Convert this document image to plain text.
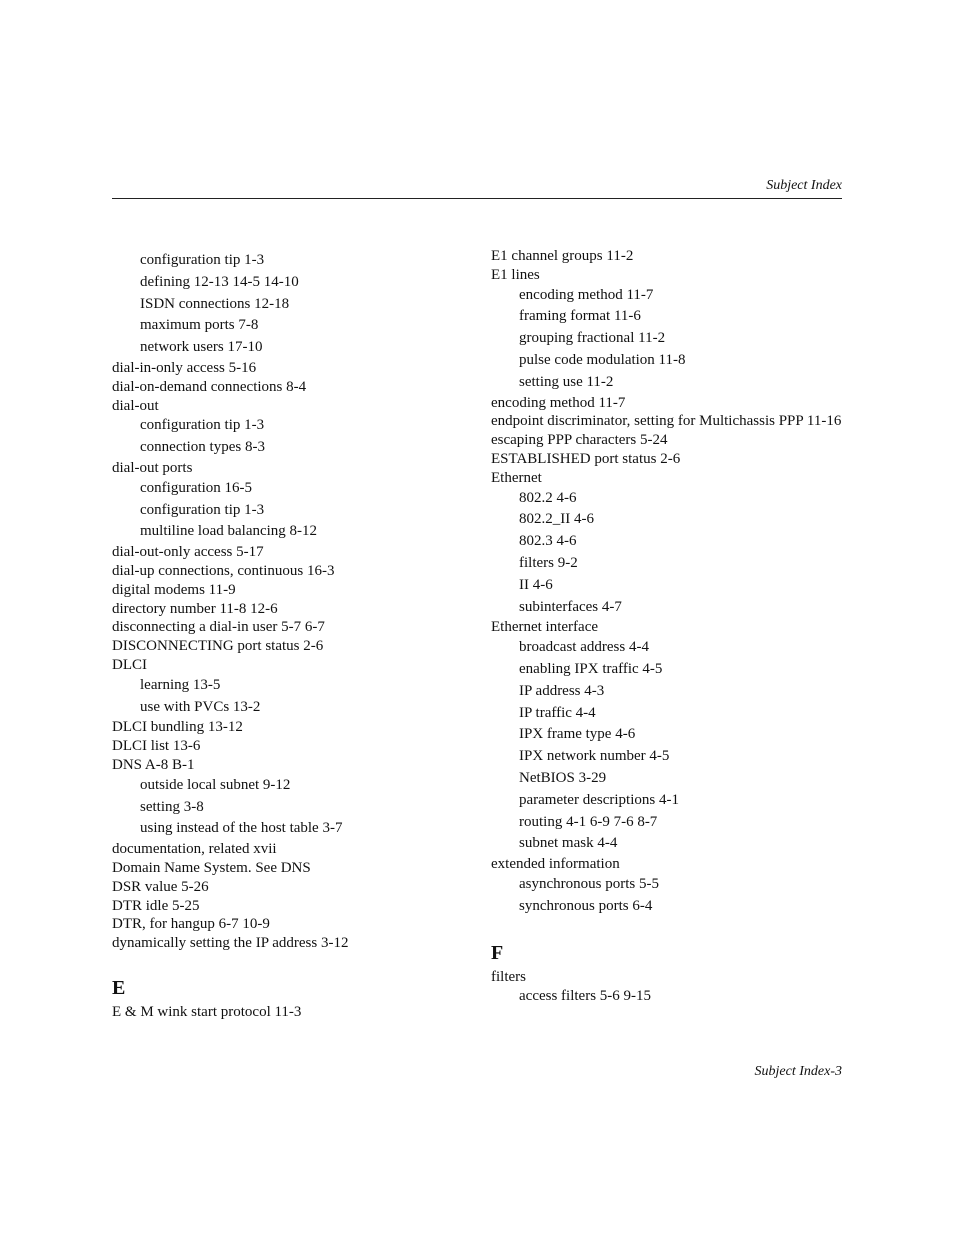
Subject Index
configuration tip 1-3
defining 12-13 14-5 14-10
ISDN connections 12-18
maximum ports 7-8
network users 17-10
dial-in-only access 5-16
dial-on-demand connections 8-4
dial-out
configuration tip 1-3
connection types 8-3
dial-out ports
configuration 16-5
configuration tip 1-3
multiline load balancing 8-12
dial-out-only access 5-17
dial-up connections, continuous 16-3
digital modems 11-9
directory number 11-8 12-6
disconnecting a dial-in user 5-7 6-7
DISCONNECTING port status 2-6
DLCI
learning 13-5
use with PVCs 13-2
DLCI bundling 13-12
DLCI list 13-6
DNS A-8 B-1
outside local subnet 9-12
setting 3-8
using instead of the host table 3-7
documentation, related xvii
Domain Name System. See DNS
DSR value 5-26
DTR idle 5-25
DTR, for hangup 6-7 10-9
dynamically setting the IP address 3-12
E
E & M wink start protocol 11-3
E1 channel groups 11-2
E1 lines
encoding method 11-7
framing format 11-6
grouping fractional 11-2
pulse code modulation 11-8
setting use 11-2
encoding method 11-7
endpoint discriminator, setting for Multichassis PPP 11-16
escaping PPP characters 5-24
ESTABLISHED port status 2-6
Ethernet
802.2 4-6
802.2_II 4-6
802.3 4-6
filters 9-2
II 4-6
subinterfaces 4-7
Ethernet interface
broadcast address 4-4
enabling IPX traffic 4-5
IP address 4-3
IP traffic 4-4
IPX frame type 4-6
IPX network number 4-5
NetBIOS 3-29
parameter descriptions 4-1
routing 4-1 6-9 7-6 8-7
subnet mask 4-4
extended information
asynchronous ports 5-5
synchronous ports 6-4
F
filters
access filters 5-6 9-15
Subject Index-3
